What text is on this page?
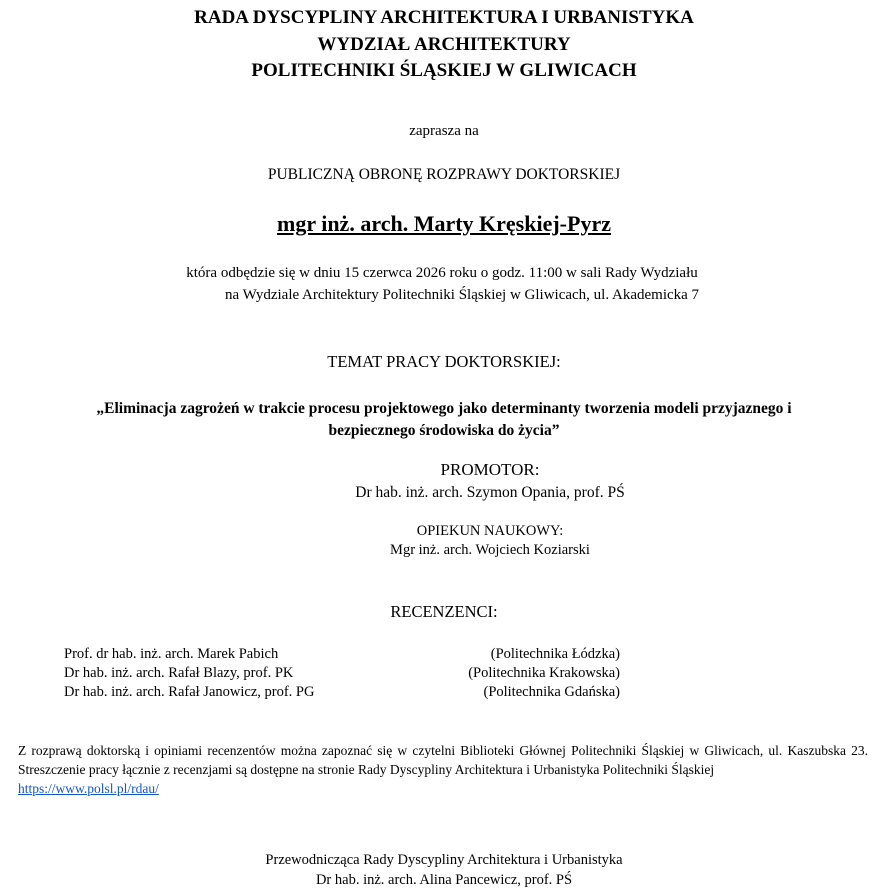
RADA DYSCYPLINY ARCHITEKTURA I URBANISTYKA
WYDZIAŁ ARCHITEKTURY
POLITECHNIKI ŚLĄSKIEJ W GLIWICACH
zaprasza na
PUBLICZNĄ OBRONĘ ROZPRAWY DOKTORSKIEJ
mgr inż. arch. Marty Kręskiej-Pyrz
która odbędzie się w dniu 15 czerwca 2026 roku o godz. 11:00 w sali Rady Wydziału
na Wydziale Architektury Politechniki Śląskiej w Gliwicach, ul. Akademicka 7
TEMAT PRACY DOKTORSKIEJ:
„Eliminacja zagrożeń w trakcie procesu projektowego jako determinanty tworzenia modeli przyjaznego i
bezpiecznego środowiska do życia”
PROMOTOR:
Dr hab. inż. arch. Szymon Opania, prof. PŚ
OPIEKUN NAUKOWY:
Mgr inż. arch. Wojciech Koziarski
RECENZENCI:
Prof. dr hab. inż. arch. Marek Pabich	(Politechnika Łódzka)
Dr hab. inż. arch. Rafał Blazy, prof. PK	(Politechnika Krakowska)
Dr hab. inż. arch. Rafał Janowicz, prof. PG	(Politechnika Gdańska)
Z rozprawą doktorską i opiniami recenzentów można zapoznać się w czytelni Biblioteki Głównej Politechniki Śląskiej w Gliwicach, ul. Kaszubska 23. Streszczenie pracy łącznie z recenzjami są dostępne na stronie Rady Dyscypliny Architektura i Urbanistyka Politechniki Śląskiej
https://www.polsl.pl/rdau/
Przewodnicząca Rady Dyscypliny Architektura i Urbanistyka
Dr hab. inż. arch. Alina Pancewicz, prof. PŚ
